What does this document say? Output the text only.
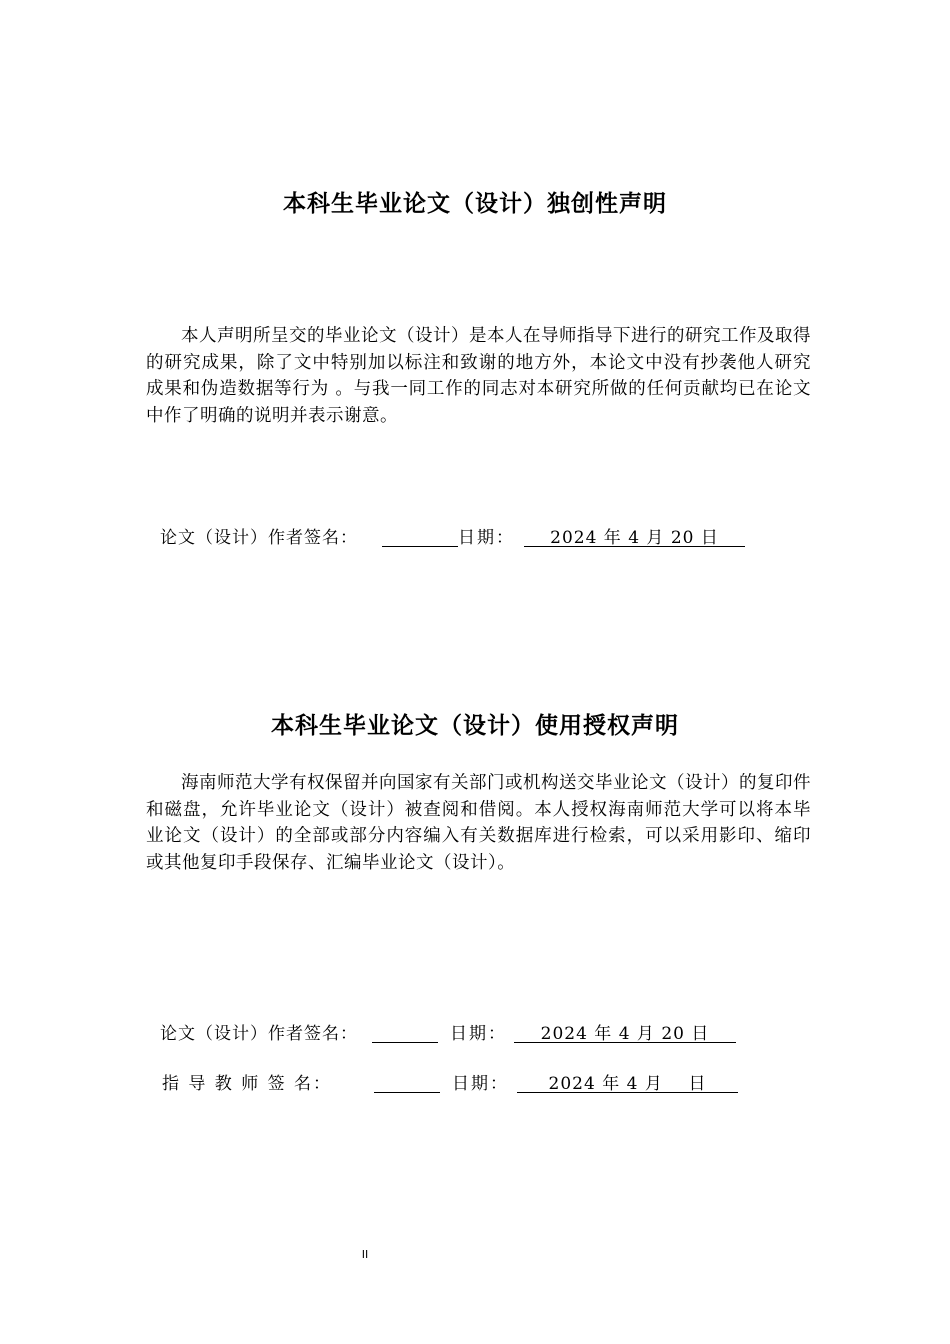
本科生毕业论文（设计）独创性声明

本人声明所呈交的毕业论文（设计）是本人在导师指导下进行的研究工作及取得的研究成果，除了文中特别加以标注和致谢的地方外，本论文中没有抄袭他人研究成果和伪造数据等行为 。与我一同工作的同志对本研究所做的任何贡献均已在论文中作了明确的说明并表示谢意。

论文（设计）作者签名：	日期：	2024 年 4 月 20 日
本科生毕业论文（设计）使用授权声明

海南师范大学有权保留并向国家有关部门或机构送交毕业论文（设计）的复印件和磁盘，允许毕业论文（设计）被查阅和借阅。本人授权海南师范大学可以将本毕业论文（设计）的全部或部分内容编入有关数据库进行检索，可以采用影印、缩印或其他复印手段保存、汇编毕业论文（设计）。

论文（设计）作者签名：	日期：	2024 年 4 月 20 日
指 导 教 师 签 名：	日期：	2024 年 4 月    日
II
